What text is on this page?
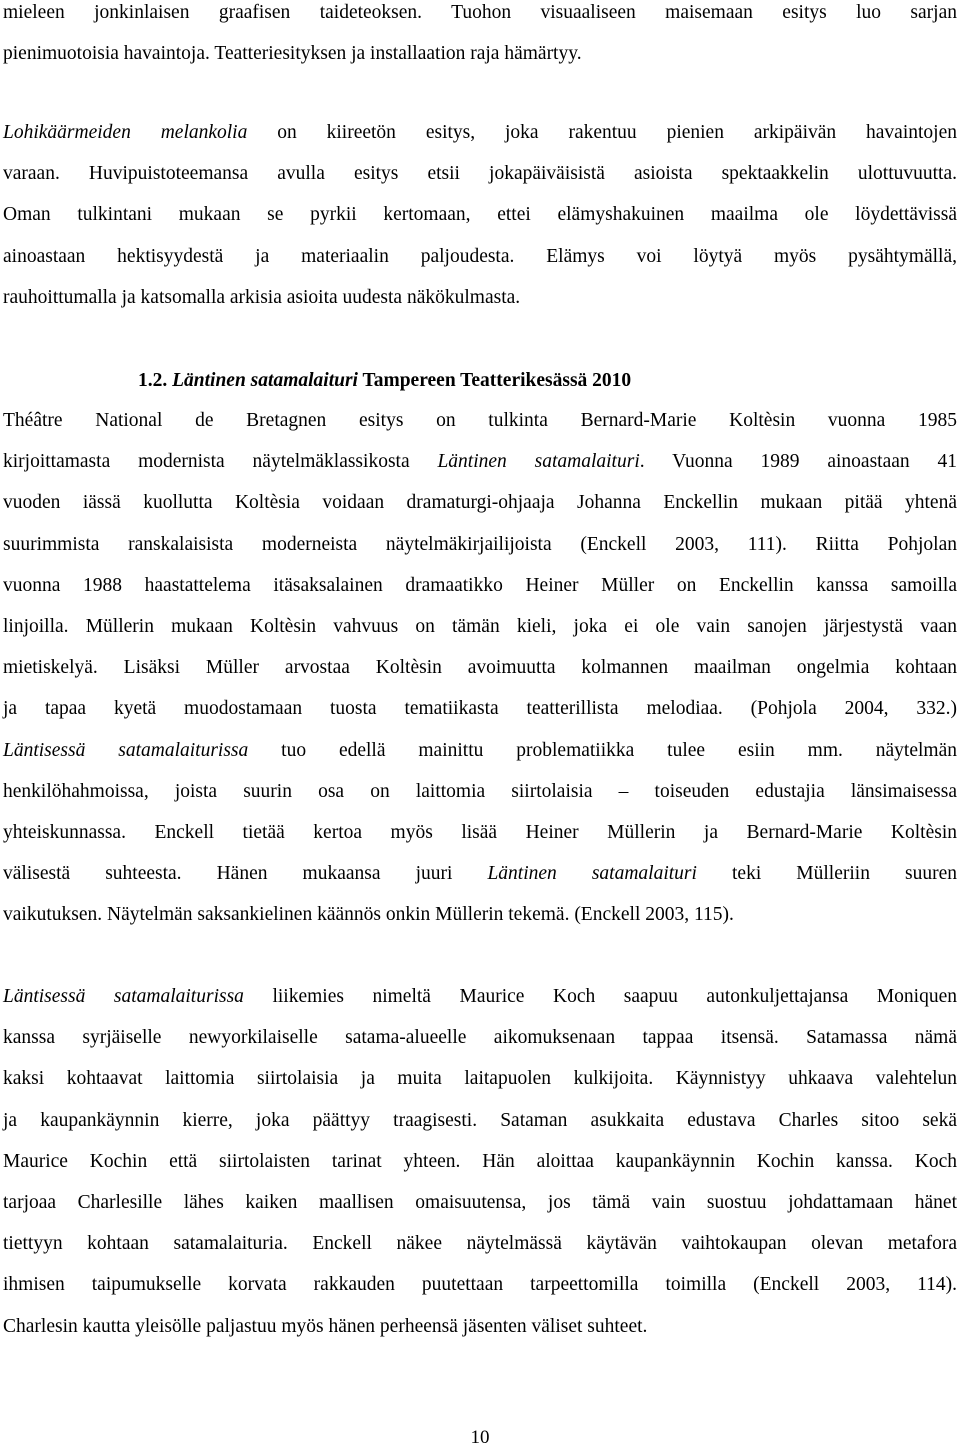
mieleen jonkinlaisen graafisen taideteoksen. Tuohon visuaaliseen maisemaan esitys luo sarjan
pienimuotoisia havaintoja. Teatteriesityksen ja installaation raja hämärtyy.
Lohikäärmeiden melankolia on kiireetön esitys, joka rakentuu pienien arkipäivän havaintojen
varaan. Huvipuistoteemansa avulla esitys etsii jokapäiväisistä asioista spektaakkelin ulottuvuutta.
Oman tulkintani mukaan se pyrkii kertomaan, ettei elämyshakuinen maailma ole löydettävissä
ainoastaan hektisyydestä ja materiaalin paljoudesta. Elämys voi löytyä myös pysähtymällä,
rauhoittumalla ja katsomalla arkisia asioita uudesta näkökulmasta.
1.2. Läntinen satamalaituri Tampereen Teatterikesässä 2010
Théâtre National de Bretagnen esitys on tulkinta Bernard-Marie Koltèsin vuonna 1985
kirjoittamasta modernista näytelmäklassikosta Läntinen satamalaituri. Vuonna 1989 ainoastaan 41
vuoden iässä kuollutta Koltèsia voidaan dramaturgi-ohjaaja Johanna Enckellin mukaan pitää yhtenä
suurimmista ranskalaisista moderneista näytelmäkirjailijoista (Enckell 2003, 111). Riitta Pohjolan
vuonna 1988 haastattelema itäsaksalainen dramaatikko Heiner Müller on Enckellin kanssa samoilla
linjoilla. Müllerin mukaan Koltèsin vahvuus on tämän kieli, joka ei ole vain sanojen järjestystä vaan
mietiskelyä. Lisäksi Müller arvostaa Koltèsin avoimuutta kolmannen maailman ongelmia kohtaan
ja tapaa kyetä muodostamaan tuosta tematiikasta teatterillista melodiaa. (Pohjola 2004, 332.)
Läntisessä satamalaiturissa tuo edellä mainittu problematiikka tulee esiin mm. näytelmän
henkilöhahmoissa, joista suurin osa on laittomia siirtolaisia – toiseuden edustajia länsimaisessa
yhteiskunnassa. Enckell tietää kertoa myös lisää Heiner Müllerin ja Bernard-Marie Koltèsin
välisestä suhteesta. Hänen mukaansa juuri Läntinen satamalaituri teki Mülleriin suuren
vaikutuksen. Näytelmän saksankielinen käännös onkin Müllerin tekemä. (Enckell 2003, 115).
Läntisessä satamalaiturissa liikemies nimeltä Maurice Koch saapuu autonkuljettajansa Moniquen
kanssa syrjäiselle newyorkilaiselle satama-alueelle aikomuksenaan tappaa itsensä. Satamassa nämä
kaksi kohtaavat laittomia siirtolaisia ja muita laitapuolen kulkijoita. Käynnistyy uhkaava valehtelun
ja kaupankäynnin kierre, joka päättyy traagisesti. Sataman asukkaita edustava Charles sitoo sekä
Maurice Kochin että siirtolaisten tarinat yhteen. Hän aloittaa kaupankäynnin Kochin kanssa. Koch
tarjoaa Charlesille lähes kaiken maallisen omaisuutensa, jos tämä vain suostuu johdattamaan hänet
tiettyyn kohtaan satamalaituria. Enckell näkee näytelmässä käytävän vaihtokaupan olevan metafora
ihmisen taipumukselle korvata rakkauden puutettaan tarpeettomilla toimilla (Enckell 2003, 114).
Charlesin kautta yleisölle paljastuu myös hänen perheensä jäsenten väliset suhteet.
10
